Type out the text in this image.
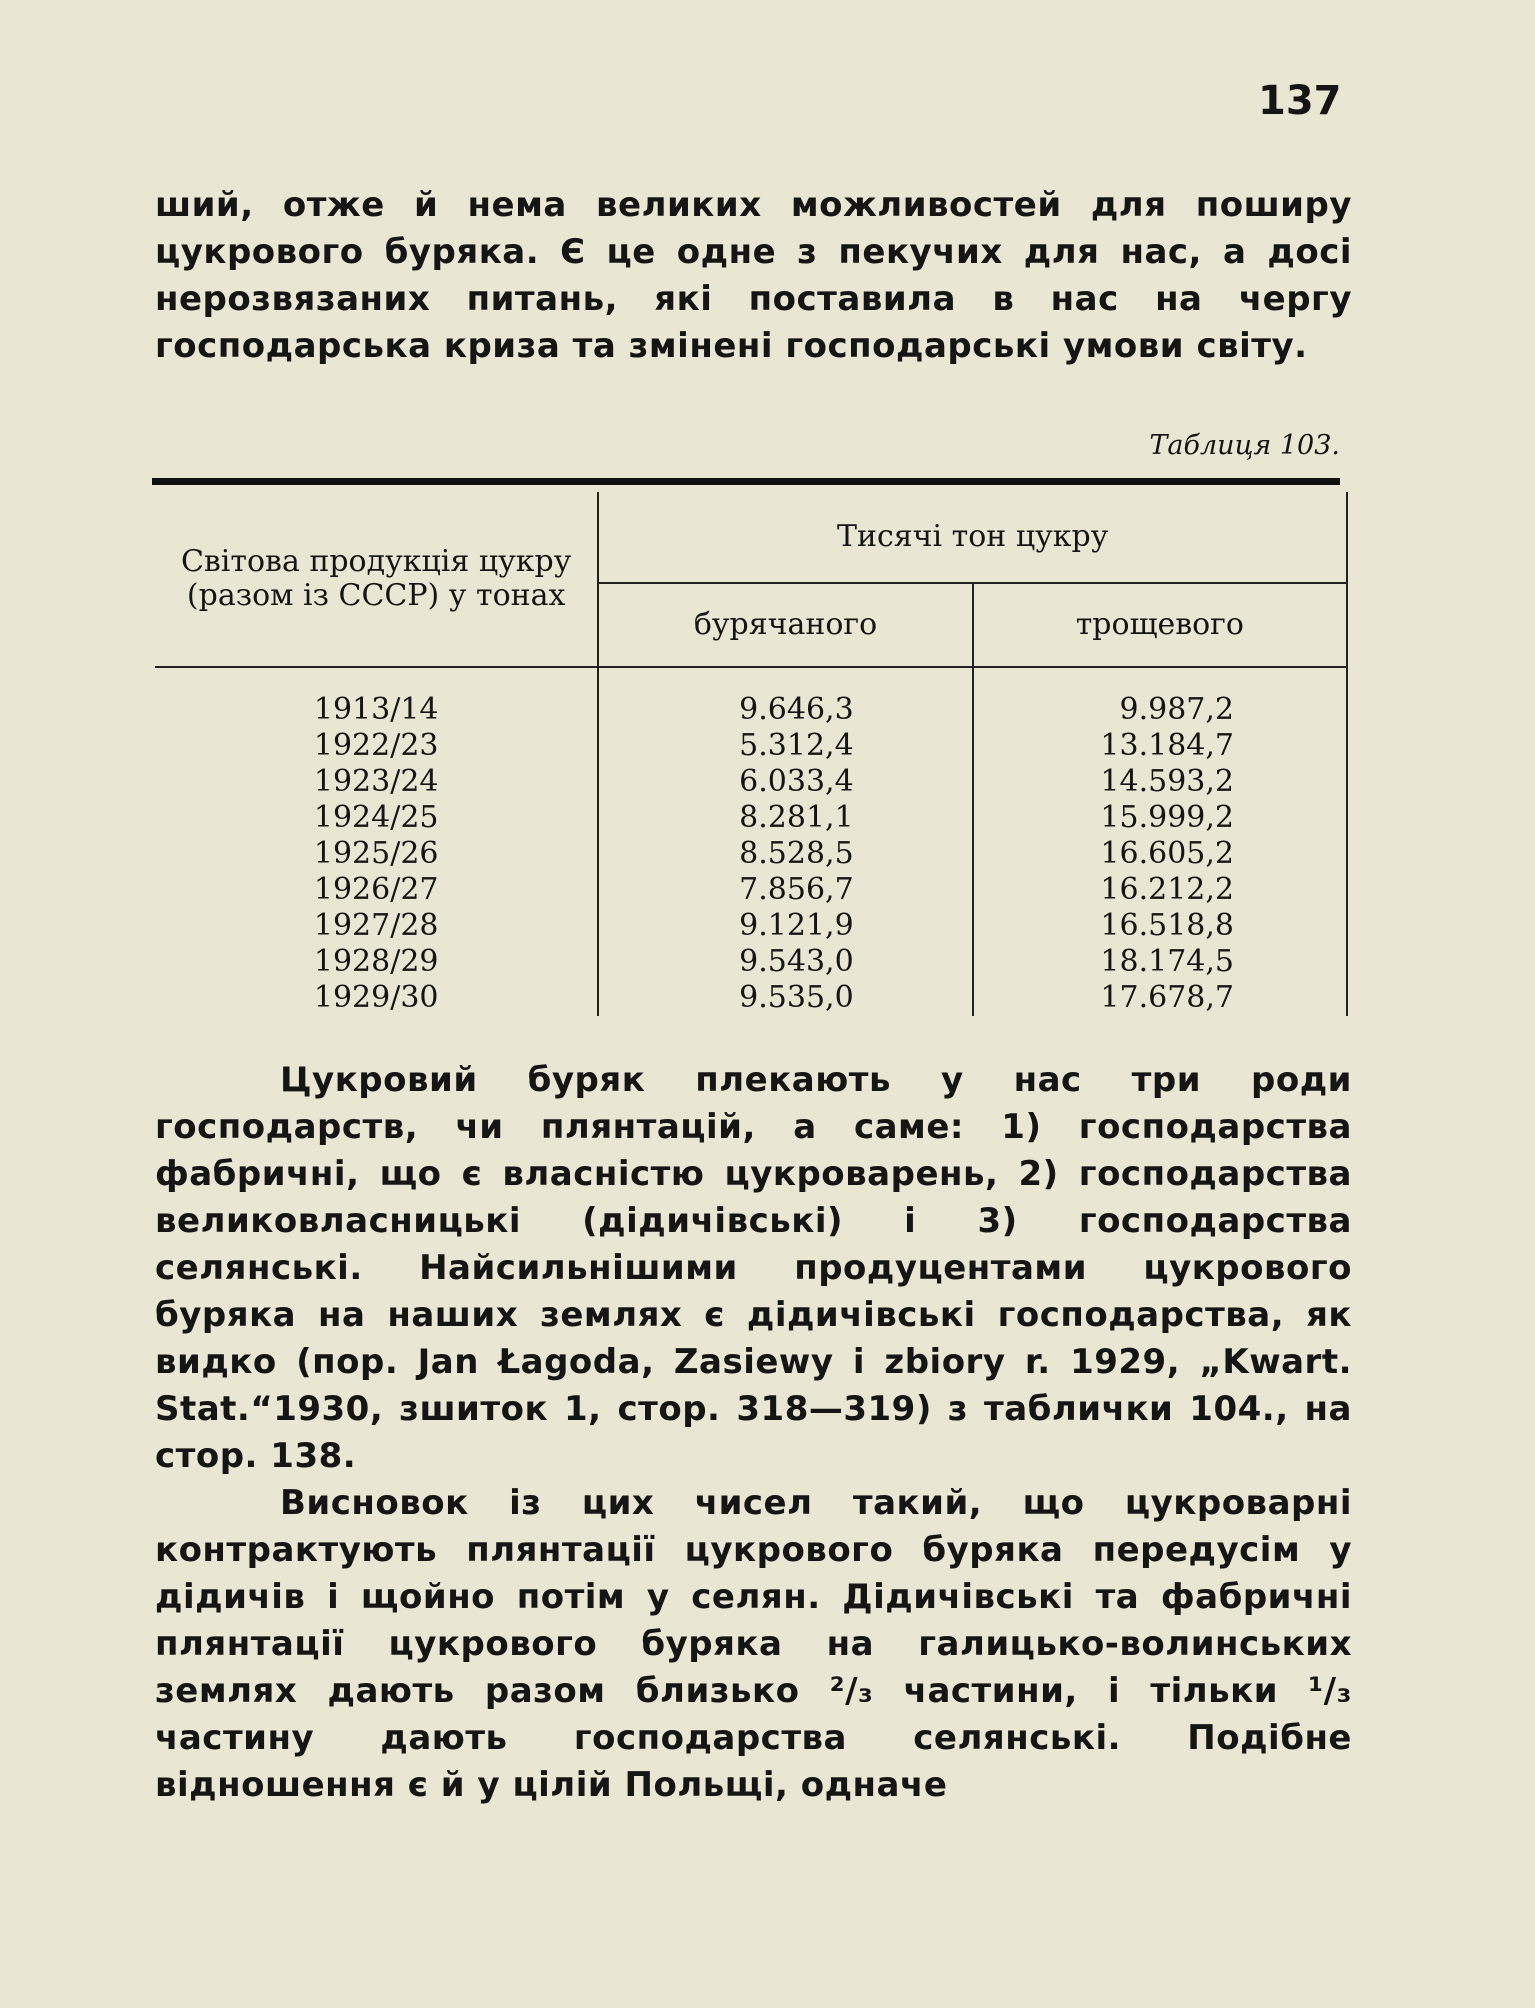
137

ший, отже й нема великих можливостей для поширу цукрового буряка. Є це одне з пекучих для нас, а досі нерозвязаних питань, які поставила в нас на чергу господарська криза та змінені господарські умови світу.

Таблиця 103.
Світова продукція цукру (разом із СССР) у тонах	Тисячі тон цукру	
	бурячаного	трощевого
1913/14	9.646,3	9.987,2
1922/23	5.312,4	13.184,7
1923/24	6.033,4	14.593,2
1924/25	8.281,1	15.999,2
1925/26	8.528,5	16.605,2
1926/27	7.856,7	16.212,2
1927/28	9.121,9	16.518,8
1928/29	9.543,0	18.174,5
1929/30	9.535,0	17.678,7

Цукровий буряк плекають у нас три роди господарств, чи плянтацій, а саме: 1) господарства фабричні, що є власністю цукроварень, 2) господарства великовласницькі (дідичівські) і 3) господарства селянські. Найсильнішими продуцентами цукрового буряка на наших землях є дідичівські господарства, як видко (пор. Jan Łagoda, Zasiewy i zbiory r. 1929, „Kwart. Stat.“1930, зшиток 1, стор. 318—319) з таблички 104., на стор. 138.

Висновок із цих чисел такий, що цукроварні контрактують плянтації цукрового буряка передусім у дідичів і щойно потім у селян. Дідичівські та фабричні плянтації цукрового буряка на галицько-волинських землях дають разом близько ²/₃ частини, і тільки ¹/₃ частину дають господарства селянські. Подібне відношення є й у цілій Польщі, одначе
